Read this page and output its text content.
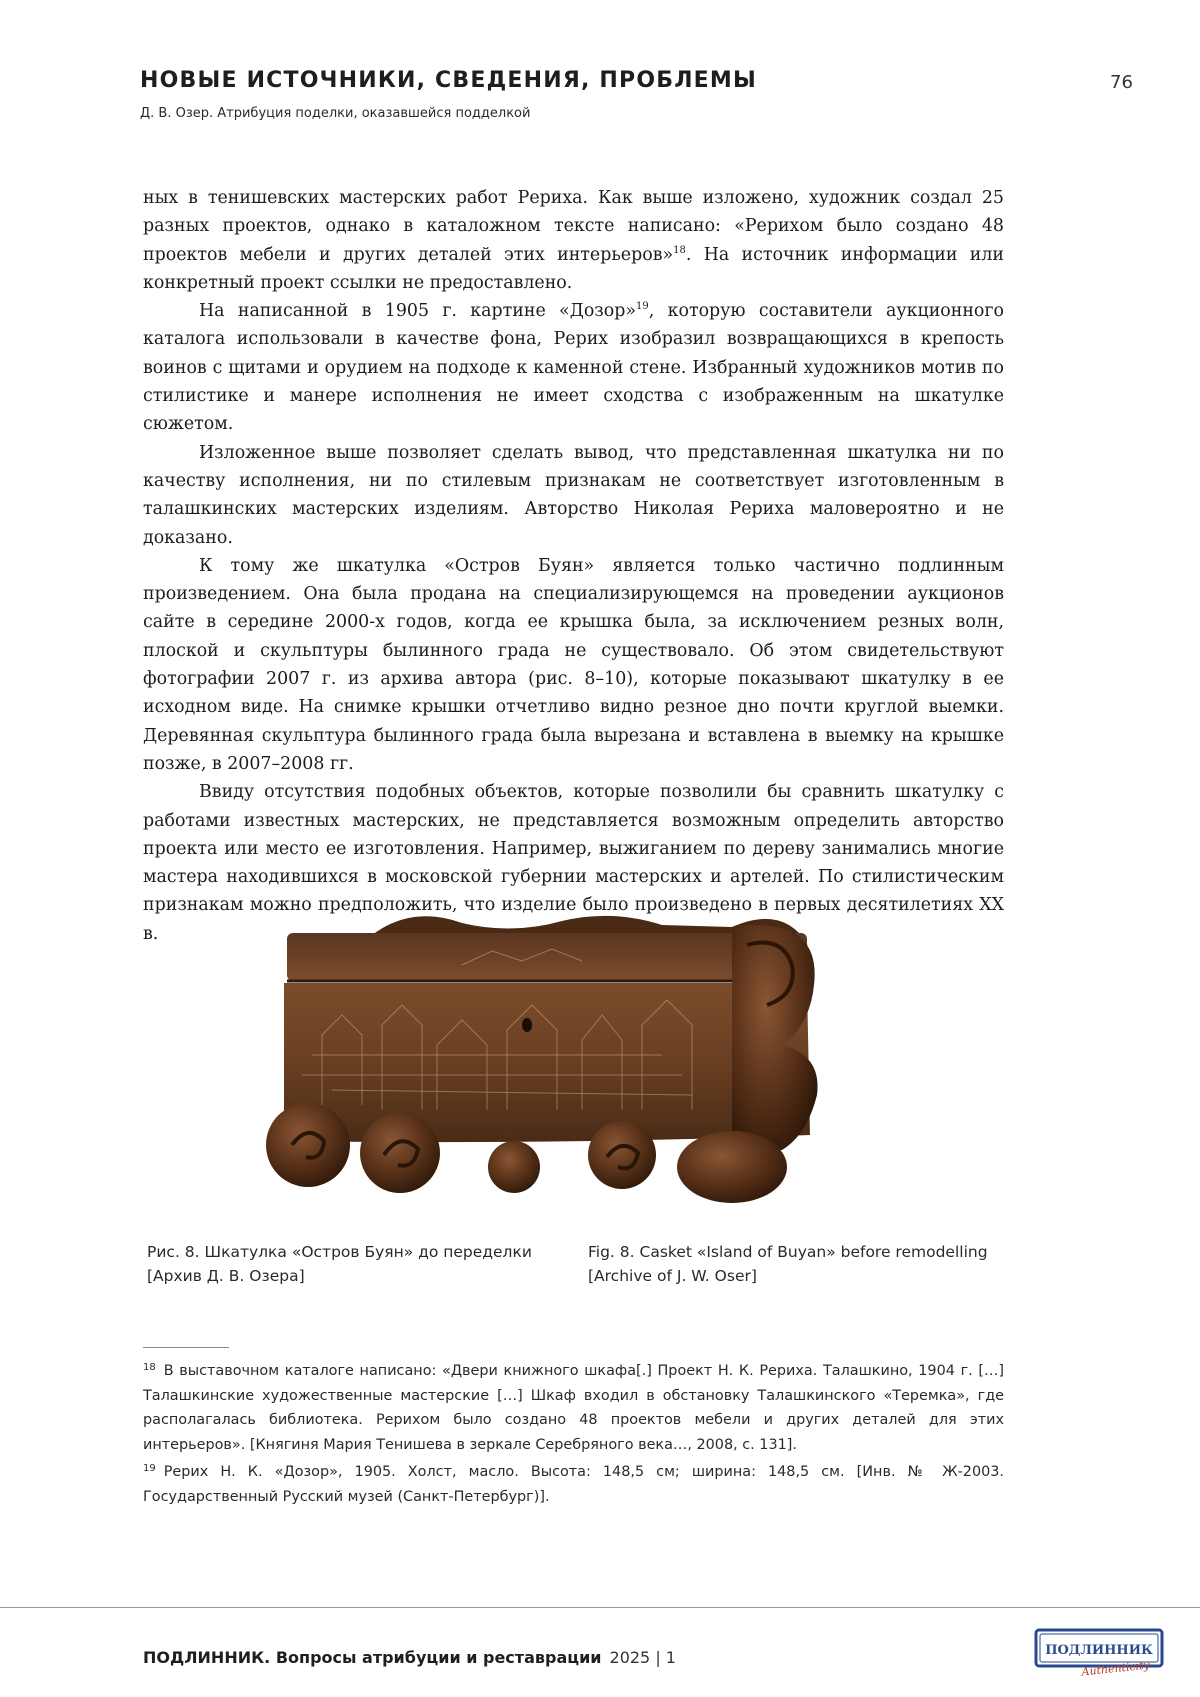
НОВЫЕ ИСТОЧНИКИ, СВЕДЕНИЯ, ПРОБЛЕМЫ
Д. В. Озер. Атрибуция поделки, оказавшейся подделкой
76

ных в тенишевских мастерских работ Рериха. Как выше изложено, художник создал 25 разных проектов, однако в каталожном тексте написано: «Рерихом было создано 48 проектов мебели и других деталей этих интерьеров»18. На источник информации или конкретный проект ссылки не предоставлено.

На написанной в 1905 г. картине «Дозор»19, которую составители аукционного каталога использовали в качестве фона, Рерих изобразил возвращающихся в крепость воинов с щитами и орудием на подходе к каменной стене. Избранный художников мотив по стилистике и манере исполнения не имеет сходства с изображенным на шкатулке сюжетом.

Изложенное выше позволяет сделать вывод, что представленная шкатулка ни по качеству исполнения, ни по стилевым признакам не соответствует изготовленным в талашкинских мастерских изделиям. Авторство Николая Рериха маловероятно и не доказано.

К тому же шкатулка «Остров Буян» является только частично подлинным произведением. Она была продана на специализирующемся на проведении аукционов сайте в середине 2000-х годов, когда ее крышка была, за исключением резных волн, плоской и скульптуры былинного града не существовало. Об этом свидетельствуют фотографии 2007 г. из архива автора (рис. 8–10), которые показывают шкатулку в ее исходном виде. На снимке крышки отчетливо видно резное дно почти круглой выемки. Деревянная скульптура былинного града была вырезана и вставлена в выемку на крышке позже, в 2007–2008 гг.

Ввиду отсутствия подобных объектов, которые позволили бы сравнить шкатулку с работами известных мастерских, не представляется возможным определить авторство проекта или место ее изготовления. Например, выжиганием по дереву занимались многие мастера находившихся в московской губернии мастерских и артелей. По стилистическим признакам можно предположить, что изделие было произведено в первых десятилетиях XX в.

Рис. 8. Шкатулка «Остров Буян» до переделки [Архив Д. В. Озера]
Fig. 8. Casket «Island of Buyan» before remodelling [Archive of J. W. Oser]

18 В выставочном каталоге написано: «Двери книжного шкафа[.] Проект Н. К. Рериха. Талашкино, 1904 г. […] Талашкинские художественные мастерские […] Шкаф входил в обстановку Талашкинского «Теремка», где располагалась библиотека. Рерихом было создано 48 проектов мебели и других деталей для этих интерьеров». [Княгиня Мария Тенишева в зеркале Серебряного века…, 2008, с. 131].

19 Рерих Н. К. «Дозор», 1905. Холст, масло. Высота: 148,5 см; ширина: 148,5 см. [Инв. № Ж-2003. Государственный Русский музей (Санкт-Петербург)].

ПОДЛИННИК. Вопросы атрибуции и реставрации 2025 | 1	ПОДЛИННИК
Authenticity
